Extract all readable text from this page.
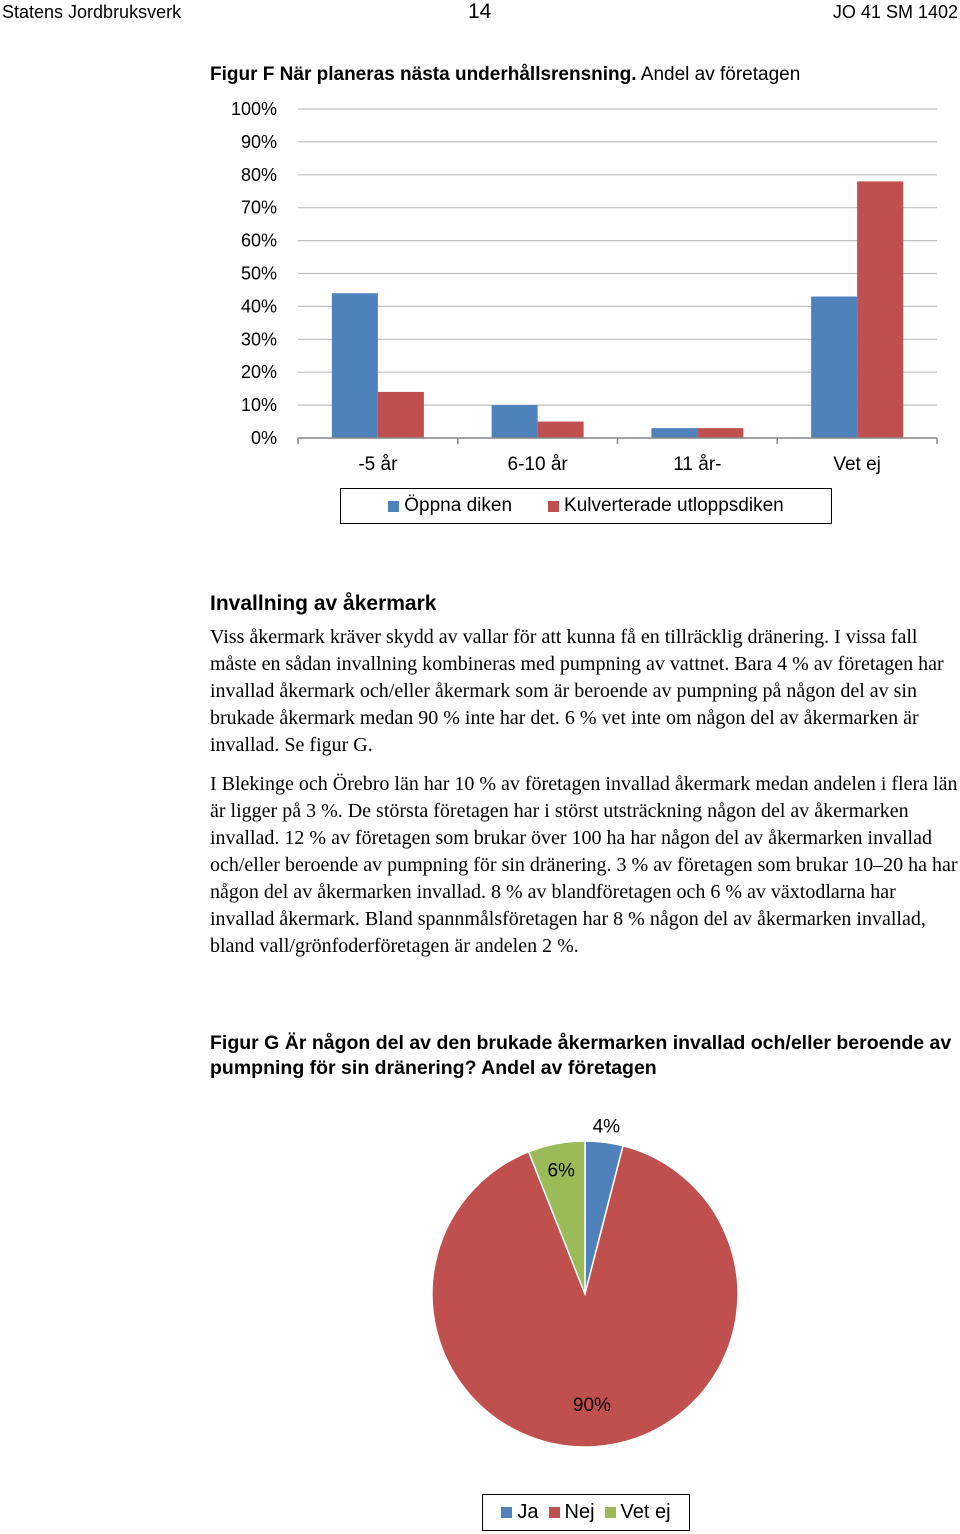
Statens Jordbruksverk	14	JO 41 SM 1402
Figur F När planeras nästa underhållsrensning. Andel av företagen
0%
10%
20%
30%
40%
50%
60%
70%
80%
90%
100%
-5 år	6-10 år	11 år-	Vet ej
Öppna diken	Kulverterade utloppsdiken
Invallning av åkermark

Viss åkermark kräver skydd av vallar för att kunna få en tillräcklig dränering. I vissa fall måste en sådan invallning kombineras med pumpning av vattnet. Bara 4 % av företagen har invallad åkermark och/eller åkermark som är beroende av pumpning på någon del av sin brukade åkermark medan 90 % inte har det. 6 % vet inte om någon del av åkermarken är invallad. Se figur G.

I Blekinge och Örebro län har 10 % av företagen invallad åkermark medan andelen i flera län är ligger på 3 %. De största företagen har i störst utsträckning någon del av åkermarken invallad. 12 % av företagen som brukar över 100 ha har någon del av åkermarken invallad och/eller beroende av pumpning för sin dränering. 3 % av företagen som brukar 10–20 ha har någon del av åkermarken invallad. 8 % av blandföretagen och 6 % av växtodlarna har invallad åkermark. Bland spannmålsföretagen har 8 % någon del av åkermarken invallad, bland vall/grönfoderföretagen är andelen 2 %.

Figur G Är någon del av den brukade åkermarken invallad och/eller beroende av pumpning för sin dränering? Andel av företagen

4%
90%
6%
Ja Nej Vet ej
